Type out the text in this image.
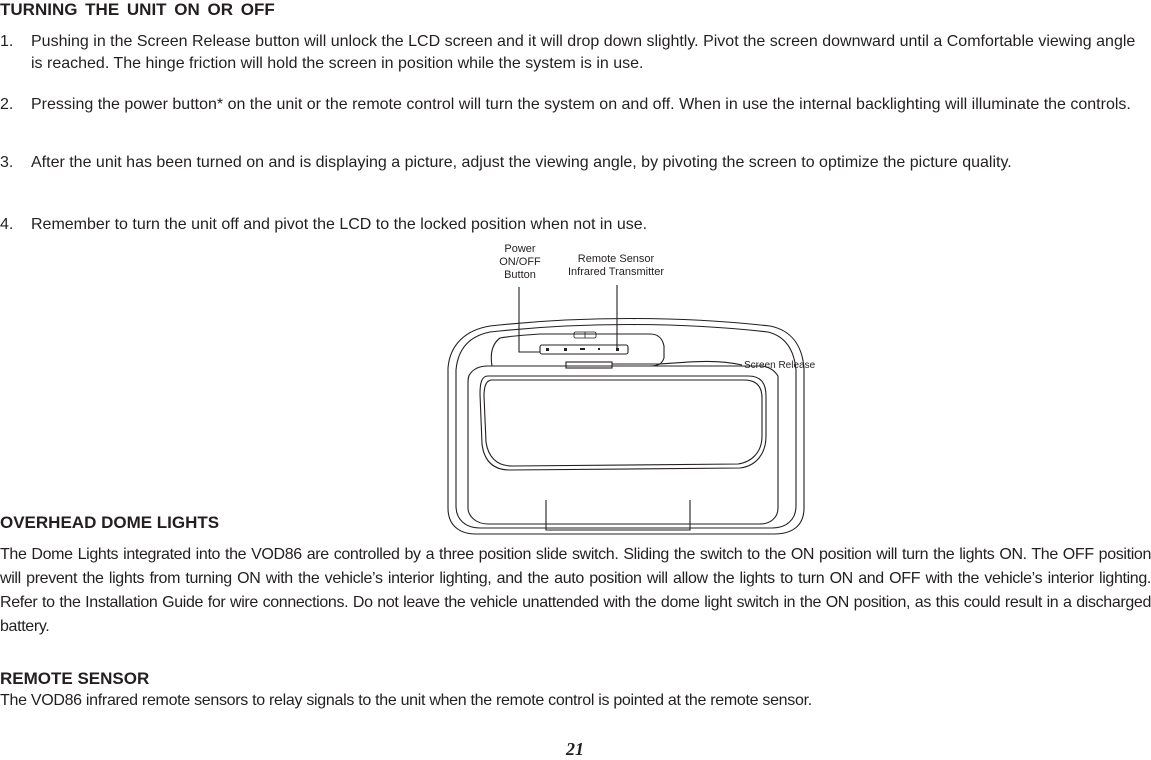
TURNING THE UNIT ON OR OFF
1. Pushing in the Screen Release button will unlock the LCD screen and it will drop down slightly. Pivot the screen downward until a Comfortable viewing angle is reached. The hinge friction will hold the screen in position while the system is in use.
2. Pressing the power button* on the unit or the remote control will turn the system on and off. When in use the internal backlighting will illuminate the controls.
3. After the unit has been turned on and is displaying a picture, adjust the viewing angle, by pivoting the screen to optimize the picture quality.
4. Remember to turn the unit off and pivot the LCD to the locked position when not in use.
Power
ON/OFF
Button
Remote Sensor
Infrared Transmitter
Screen Release
OVERHEAD DOME LIGHTS

The Dome Lights integrated into the VOD86 are controlled by a three position slide switch. Sliding the switch to the ON position will turn the lights ON. The OFF position will prevent the lights from turning ON with the vehicle’s interior lighting, and the auto position will allow the lights to turn ON and OFF with the vehicle’s interior lighting. Refer to the Installation Guide for wire connections. Do not leave the vehicle unattended with the dome light switch in the ON position, as this could result in a discharged battery.

REMOTE SENSOR

The VOD86 infrared remote sensors to relay signals to the unit when the remote control is pointed at the remote sensor.

21
